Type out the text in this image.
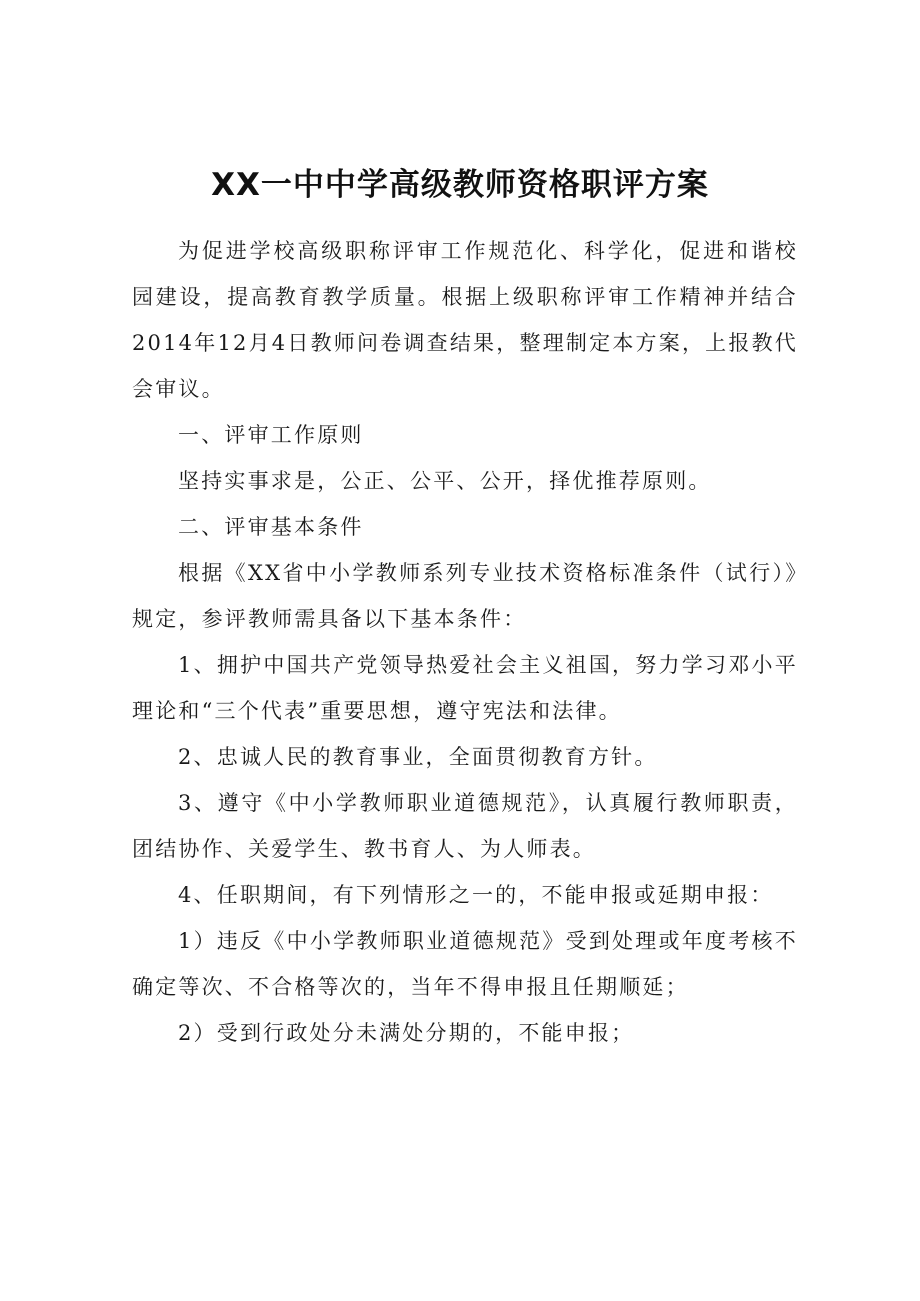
XX一中中学高级教师资格职评方案

为促进学校高级职称评审工作规范化、科学化，促进和谐校园建设，提高教育教学质量。根据上级职称评审工作精神并结合2014年12月4日教师问卷调查结果，整理制定本方案，上报教代会审议。

一、评审工作原则

坚持实事求是，公正、公平、公开，择优推荐原则。

二、评审基本条件

根据《XX省中小学教师系列专业技术资格标准条件（试行）》规定，参评教师需具备以下基本条件：

1、拥护中国共产党领导热爱社会主义祖国，努力学习邓小平理论和“三个代表”重要思想，遵守宪法和法律。

2、忠诚人民的教育事业，全面贯彻教育方针。

3、遵守《中小学教师职业道德规范》，认真履行教师职责，团结协作、关爱学生、教书育人、为人师表。

4、任职期间，有下列情形之一的，不能申报或延期申报：

1）违反《中小学教师职业道德规范》受到处理或年度考核不确定等次、不合格等次的，当年不得申报且任期顺延；

2）受到行政处分未满处分期的，不能申报；
